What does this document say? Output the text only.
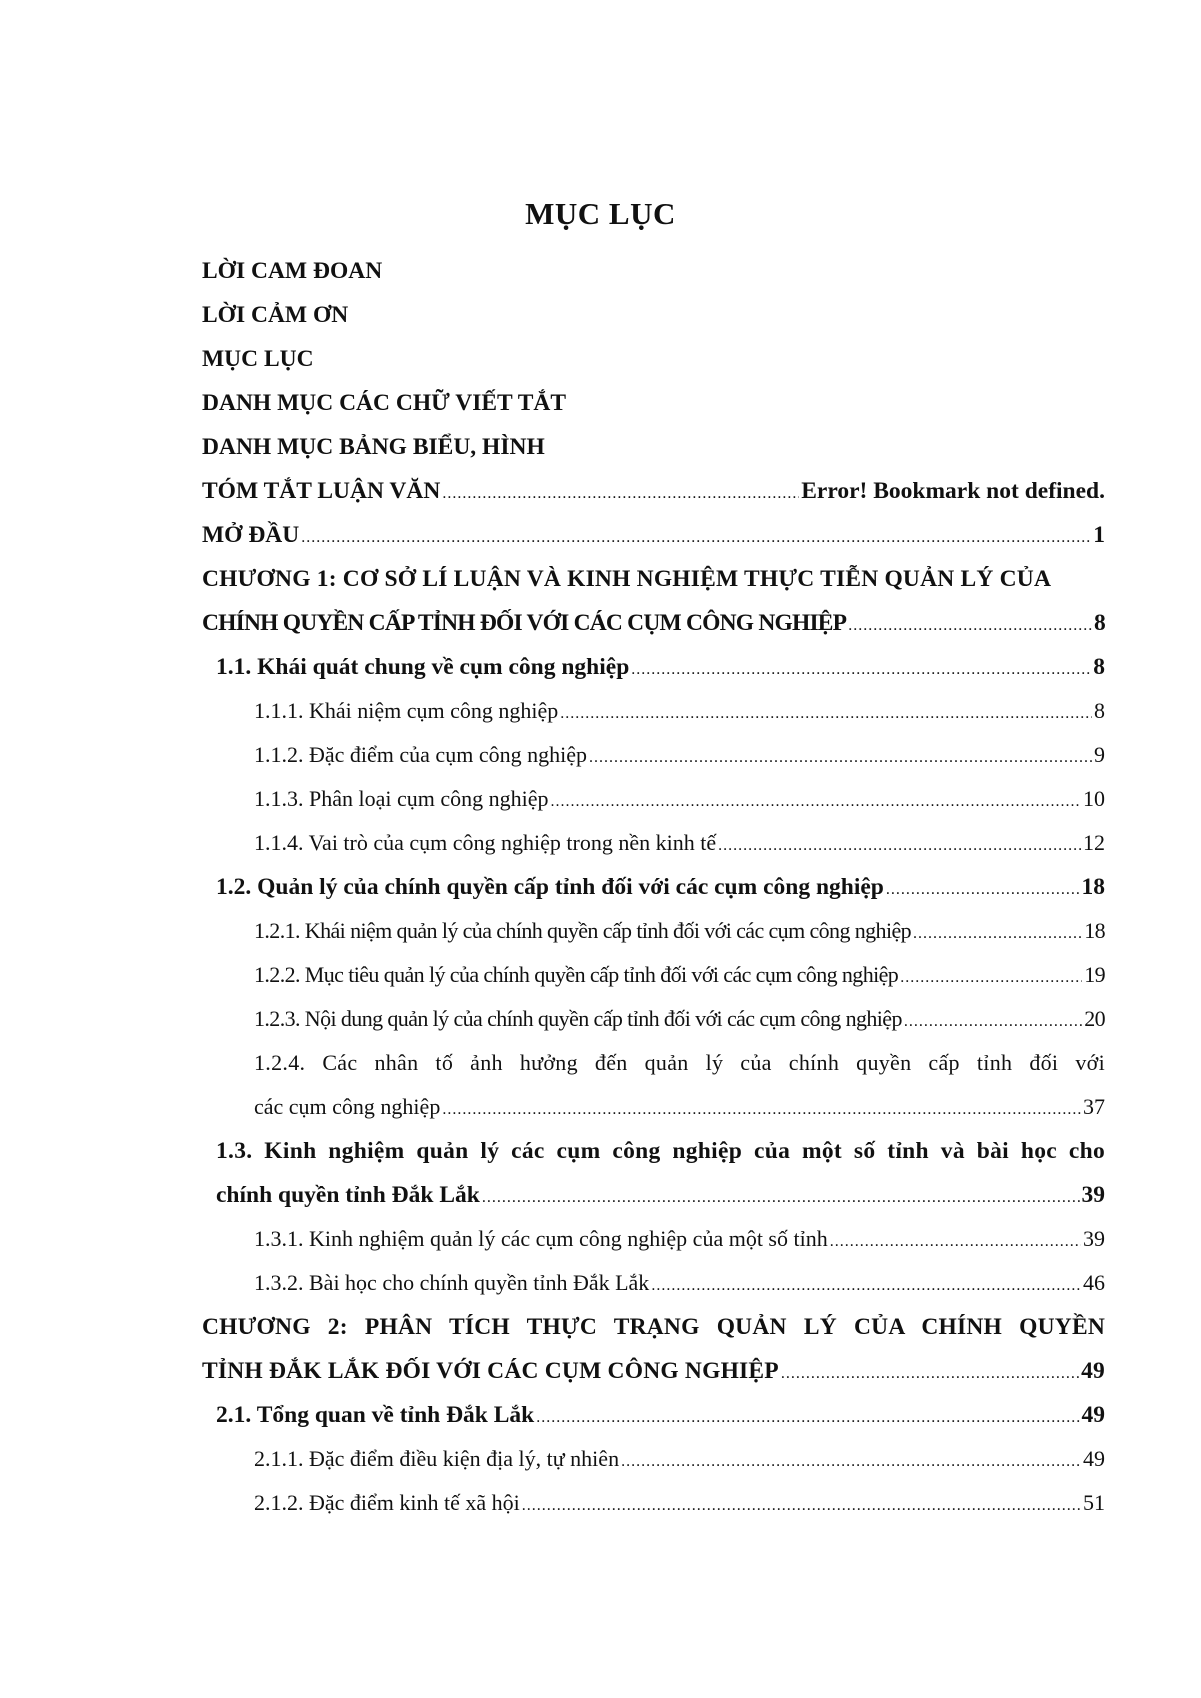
MỤC LỤC
LỜI CAM ĐOAN
LỜI CẢM ƠN
MỤC LỤC
DANH MỤC CÁC CHỮ VIẾT TẮT
DANH MỤC BẢNG BIỂU, HÌNH
TÓM TẮT LUẬN VĂN .....	Error! Bookmark not defined.
MỞ ĐẦU .....	1
CHƯƠNG 1: CƠ SỞ LÍ LUẬN VÀ KINH NGHIỆM THỰC TIỄN QUẢN LÝ CỦA
CHÍNH QUYỀN CẤP TỈNH ĐỐI VỚI CÁC CỤM CÔNG NGHIỆP .....	8
1.1. Khái quát chung về cụm công nghiệp .....	8
1.1.1. Khái niệm cụm công nghiệp .....	8
1.1.2. Đặc điểm của cụm công nghiệp .....	9
1.1.3. Phân loại cụm công nghiệp .....	10
1.1.4. Vai trò của cụm công nghiệp trong nền kinh tế .....	12
1.2. Quản lý của chính quyền cấp tỉnh đối với các cụm công nghiệp .....	18
1.2.1. Khái niệm quản lý của chính quyền cấp tỉnh đối với các cụm công nghiệp .....	18
1.2.2. Mục tiêu quản lý của chính quyền cấp tỉnh đối với các cụm công nghiệp .....	19
1.2.3. Nội dung quản lý của chính quyền cấp tỉnh đối với các cụm công nghiệp .....	20
1.2.4. Các nhân tố ảnh hưởng đến quản lý của chính quyền cấp tỉnh đối với
các cụm công nghiệp .....	37
1.3. Kinh nghiệm quản lý các cụm công nghiệp của một số tỉnh và bài học cho
chính quyền tỉnh Đắk Lắk .....	39
1.3.1. Kinh nghiệm quản lý các cụm công nghiệp của một số tỉnh .....	39
1.3.2. Bài học cho chính quyền tỉnh Đắk Lắk .....	46
CHƯƠNG 2: PHÂN TÍCH THỰC TRẠNG QUẢN LÝ CỦA CHÍNH QUYỀN
TỈNH ĐẮK LẮK ĐỐI VỚI CÁC CỤM CÔNG NGHIỆP .....	49
2.1. Tổng quan về tỉnh Đắk Lắk .....	49
2.1.1. Đặc điểm điều kiện địa lý, tự nhiên .....	49
2.1.2. Đặc điểm kinh tế xã hội .....	51
